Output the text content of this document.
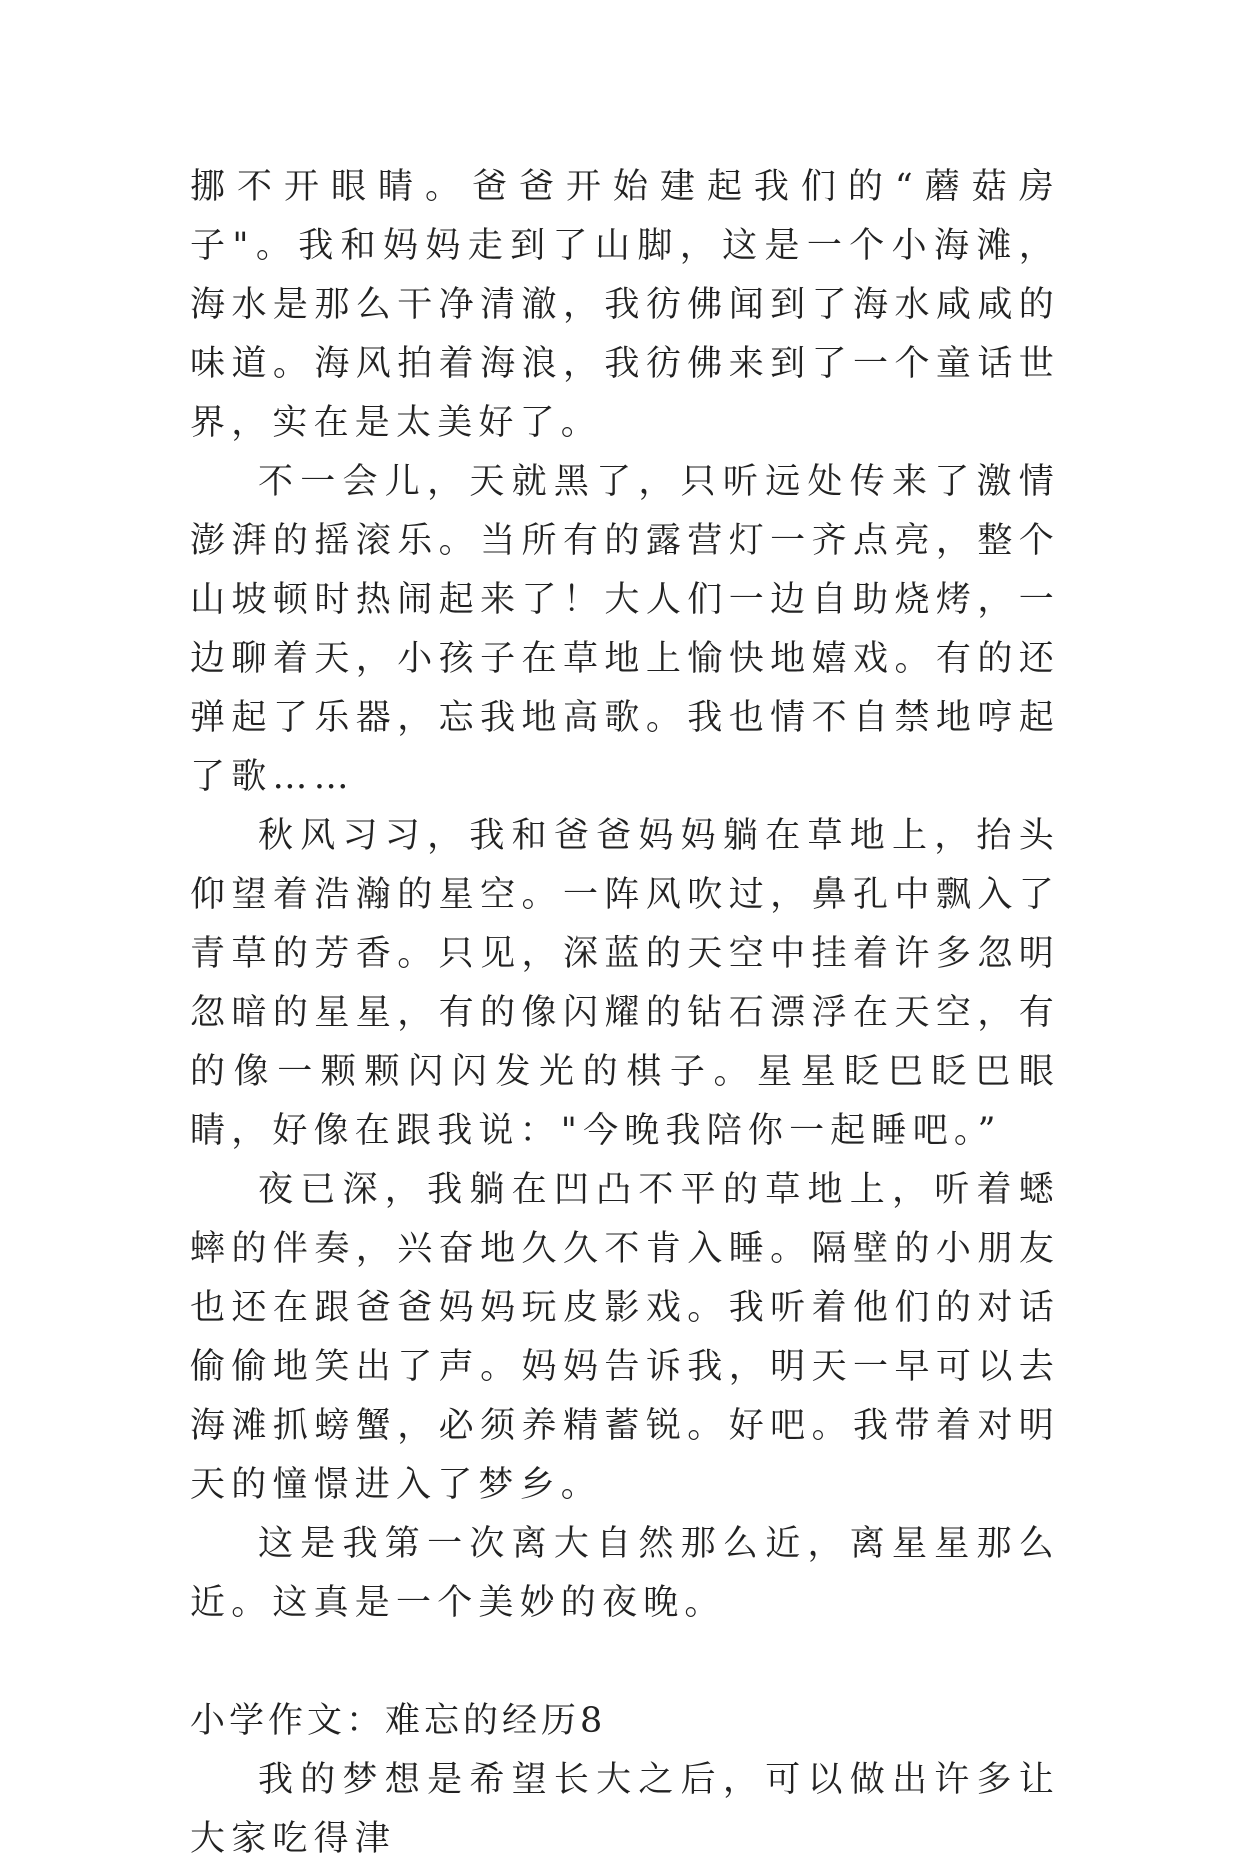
挪不开眼睛。爸爸开始建起我们的“蘑菇房子"。我和妈妈走到了山脚，这是一个小海滩，海水是那么干净清澈，我彷佛闻到了海水咸咸的味道。海风拍着海浪，我彷佛来到了一个童话世界，实在是太美好了。

不一会儿，天就黑了，只听远处传来了激情澎湃的摇滚乐。当所有的露营灯一齐点亮，整个山坡顿时热闹起来了！大人们一边自助烧烤，一边聊着天，小孩子在草地上愉快地嬉戏。有的还弹起了乐器，忘我地高歌。我也情不自禁地哼起了歌……

秋风习习，我和爸爸妈妈躺在草地上，抬头仰望着浩瀚的星空。一阵风吹过，鼻孔中飘入了青草的芳香。只见，深蓝的天空中挂着许多忽明忽暗的星星，有的像闪耀的钻石漂浮在天空，有的像一颗颗闪闪发光的棋子。星星眨巴眨巴眼睛，好像在跟我说："今晚我陪你一起睡吧。”

夜已深，我躺在凹凸不平的草地上，听着蟋蟀的伴奏，兴奋地久久不肯入睡。隔壁的小朋友也还在跟爸爸妈妈玩皮影戏。我听着他们的对话偷偷地笑出了声。妈妈告诉我，明天一早可以去海滩抓螃蟹，必须养精蓄锐。好吧。我带着对明天的憧憬进入了梦乡。

这是我第一次离大自然那么近，离星星那么近。这真是一个美妙的夜晚。

小学作文：难忘的经历8

我的梦想是希望长大之后，可以做出许多让大家吃得津
